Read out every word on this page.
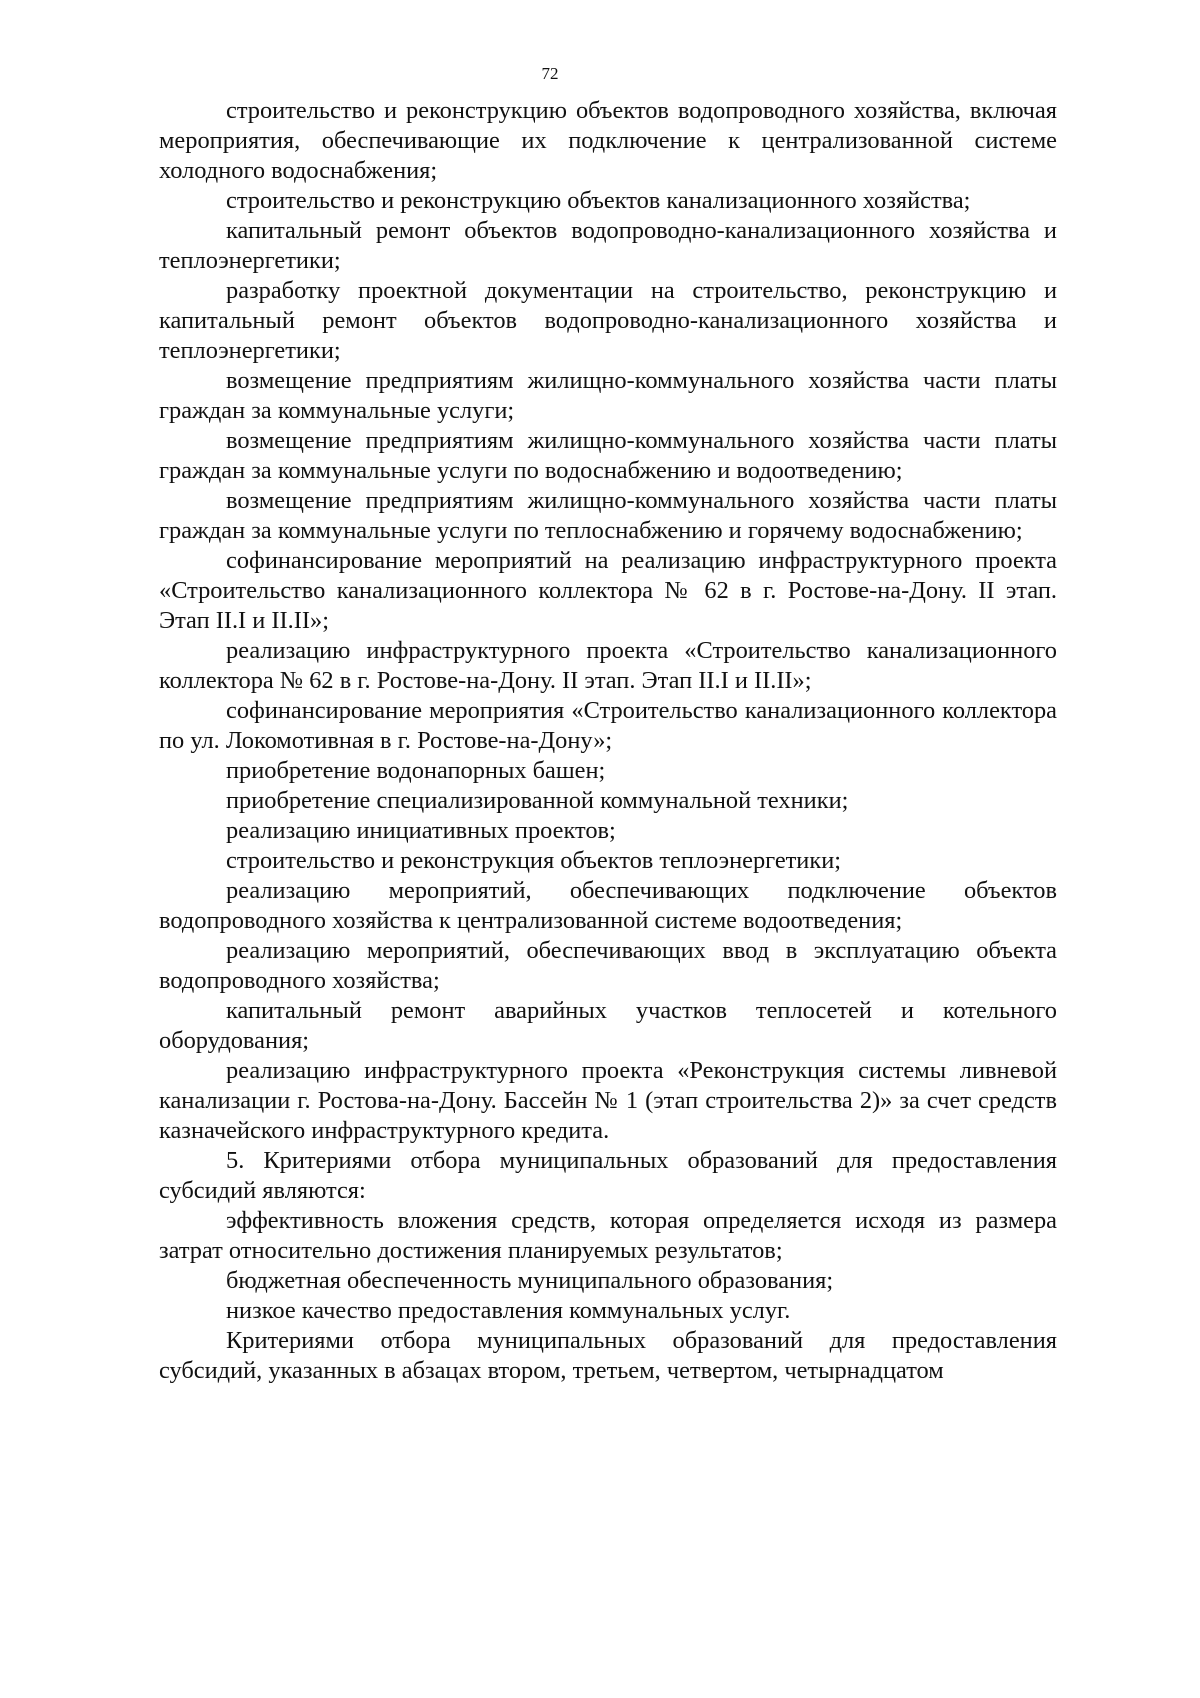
72

строительство и реконструкцию объектов водопроводного хозяйства, включая мероприятия, обеспечивающие их подключение к централизованной системе холодного водоснабжения;

строительство и реконструкцию объектов канализационного хозяйства;

капитальный ремонт объектов водопроводно-канализационного хозяйства и теплоэнергетики;

разработку проектной документации на строительство, реконструкцию и капитальный ремонт объектов водопроводно-канализационного хозяйства и теплоэнергетики;

возмещение предприятиям жилищно-коммунального хозяйства части платы граждан за коммунальные услуги;

возмещение предприятиям жилищно-коммунального хозяйства части платы граждан за коммунальные услуги по водоснабжению и водоотведению;

возмещение предприятиям жилищно-коммунального хозяйства части платы граждан за коммунальные услуги по теплоснабжению и горячему водоснабжению;

софинансирование мероприятий на реализацию инфраструктурного проекта «Строительство канализационного коллектора № 62 в г. Ростове-на-Дону. II этап. Этап II.I и II.II»;

реализацию инфраструктурного проекта «Строительство канализационного коллектора № 62 в г. Ростове-на-Дону. II этап. Этап II.I и II.II»;

софинансирование мероприятия «Строительство канализационного коллектора по ул. Локомотивная в г. Ростове-на-Дону»;

приобретение водонапорных башен;

приобретение специализированной коммунальной техники;

реализацию инициативных проектов;

строительство и реконструкция объектов теплоэнергетики;

реализацию мероприятий, обеспечивающих подключение объектов водопроводного хозяйства к централизованной системе водоотведения;

реализацию мероприятий, обеспечивающих ввод в эксплуатацию объекта водопроводного хозяйства;

капитальный ремонт аварийных участков теплосетей и котельного оборудования;

реализацию инфраструктурного проекта «Реконструкция системы ливневой канализации г. Ростова-на-Дону. Бассейн № 1 (этап строительства 2)» за счет средств казначейского инфраструктурного кредита.

5. Критериями отбора муниципальных образований для предоставления субсидий являются:

эффективность вложения средств, которая определяется исходя из размера затрат относительно достижения планируемых результатов;

бюджетная обеспеченность муниципального образования;

низкое качество предоставления коммунальных услуг.

Критериями отбора муниципальных образований для предоставления субсидий, указанных в абзацах втором, третьем, четвертом, четырнадцатом
